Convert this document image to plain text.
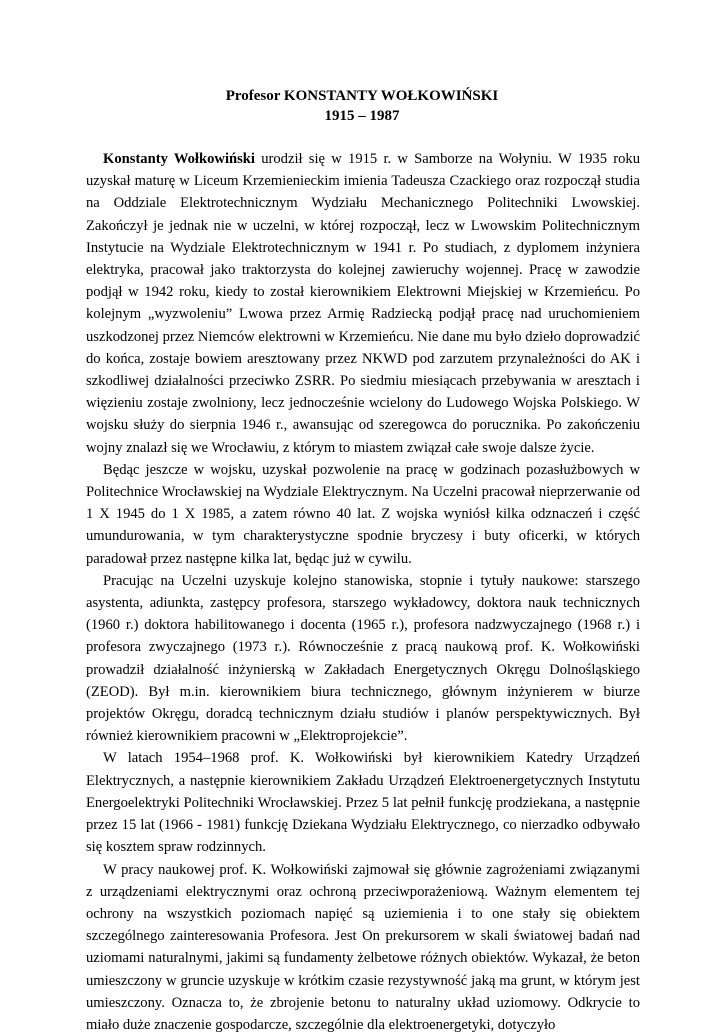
Profesor KONSTANTY WOŁKOWIŃSKI
1915 – 1987

Konstanty Wołkowiński urodził się w 1915 r. w Samborze na Wołyniu. W 1935 roku uzyskał maturę w Liceum Krzemienieckim imienia Tadeusza Czackiego oraz rozpoczął studia na Oddziale Elektrotechnicznym Wydziału Mechanicznego Politechniki Lwowskiej. Zakończył je jednak nie w uczelni, w której rozpoczął, lecz w Lwowskim Politechnicznym Instytucie na Wydziale Elektrotechnicznym w 1941 r. Po studiach, z dyplomem inżyniera elektryka, pracował jako traktorzysta do kolejnej zawieruchy wojennej. Pracę w zawodzie podjął w 1942 roku, kiedy to został kierownikiem Elektrowni Miejskiej w Krzemieńcu. Po kolejnym „wyzwoleniu” Lwowa przez Armię Radziecką podjął pracę nad uruchomieniem uszkodzonej przez Niemców elektrowni w Krzemieńcu. Nie dane mu było dzieło doprowadzić do końca, zostaje bowiem aresztowany przez NKWD pod zarzutem przynależności do AK i szkodliwej działalności przeciwko ZSRR. Po siedmiu miesiącach przebywania w aresztach i więzieniu zostaje zwolniony, lecz jednocześnie wcielony do Ludowego Wojska Polskiego. W wojsku służy do sierpnia 1946 r., awansując od szeregowca do porucznika. Po zakończeniu wojny znalazł się we Wrocławiu, z którym to miastem związał całe swoje dalsze życie.

Będąc jeszcze w wojsku, uzyskał pozwolenie na pracę w godzinach pozasłużbowych w Politechnice Wrocławskiej na Wydziale Elektrycznym. Na Uczelni pracował nieprzerwanie od 1 X 1945 do 1 X 1985, a zatem równo 40 lat. Z wojska wyniósł kilka odznaczeń i część umundurowania, w tym charakterystyczne spodnie bryczesy i buty oficerki, w których paradował przez następne kilka lat, będąc już w cywilu.

Pracując na Uczelni uzyskuje kolejno stanowiska, stopnie i tytuły naukowe: starszego asystenta, adiunkta, zastępcy profesora, starszego wykładowcy, doktora nauk technicznych (1960 r.) doktora habilitowanego i docenta (1965 r.), profesora nadzwyczajnego (1968 r.) i profesora zwyczajnego (1973 r.). Równocześnie z pracą naukową prof. K. Wołkowiński prowadził działalność inżynierską w Zakładach Energetycznych Okręgu Dolnośląskiego (ZEOD). Był m.in. kierownikiem biura technicznego, głównym inżynierem w biurze projektów Okręgu, doradcą technicznym działu studiów i planów perspektywicznych. Był również kierownikiem pracowni w „Elektroprojekcie”.

W latach 1954–1968 prof. K. Wołkowiński był kierownikiem Katedry Urządzeń Elektrycznych, a następnie kierownikiem Zakładu Urządzeń Elektroenergetycznych Instytutu Energoelektryki Politechniki Wrocławskiej. Przez 5 lat pełnił funkcję prodziekana, a następnie przez 15 lat (1966 - 1981) funkcję Dziekana Wydziału Elektrycznego, co nierzadko odbywało się kosztem spraw rodzinnych.

W pracy naukowej prof. K. Wołkowiński zajmował się głównie zagrożeniami związanymi z urządzeniami elektrycznymi oraz ochroną przeciwporażeniową. Ważnym elementem tej ochrony na wszystkich poziomach napięć są uziemienia i to one stały się obiektem szczególnego zainteresowania Profesora. Jest On prekursorem w skali światowej badań nad uziomami naturalnymi, jakimi są fundamenty żelbetowe różnych obiektów. Wykazał, że beton umieszczony w gruncie uzyskuje w krótkim czasie rezystywność jaką ma grunt, w którym jest umieszczony. Oznacza to, że zbrojenie betonu to naturalny układ uziomowy. Odkrycie to miało duże znaczenie gospodarcze, szczególnie dla elektroenergetyki, dotyczyło
